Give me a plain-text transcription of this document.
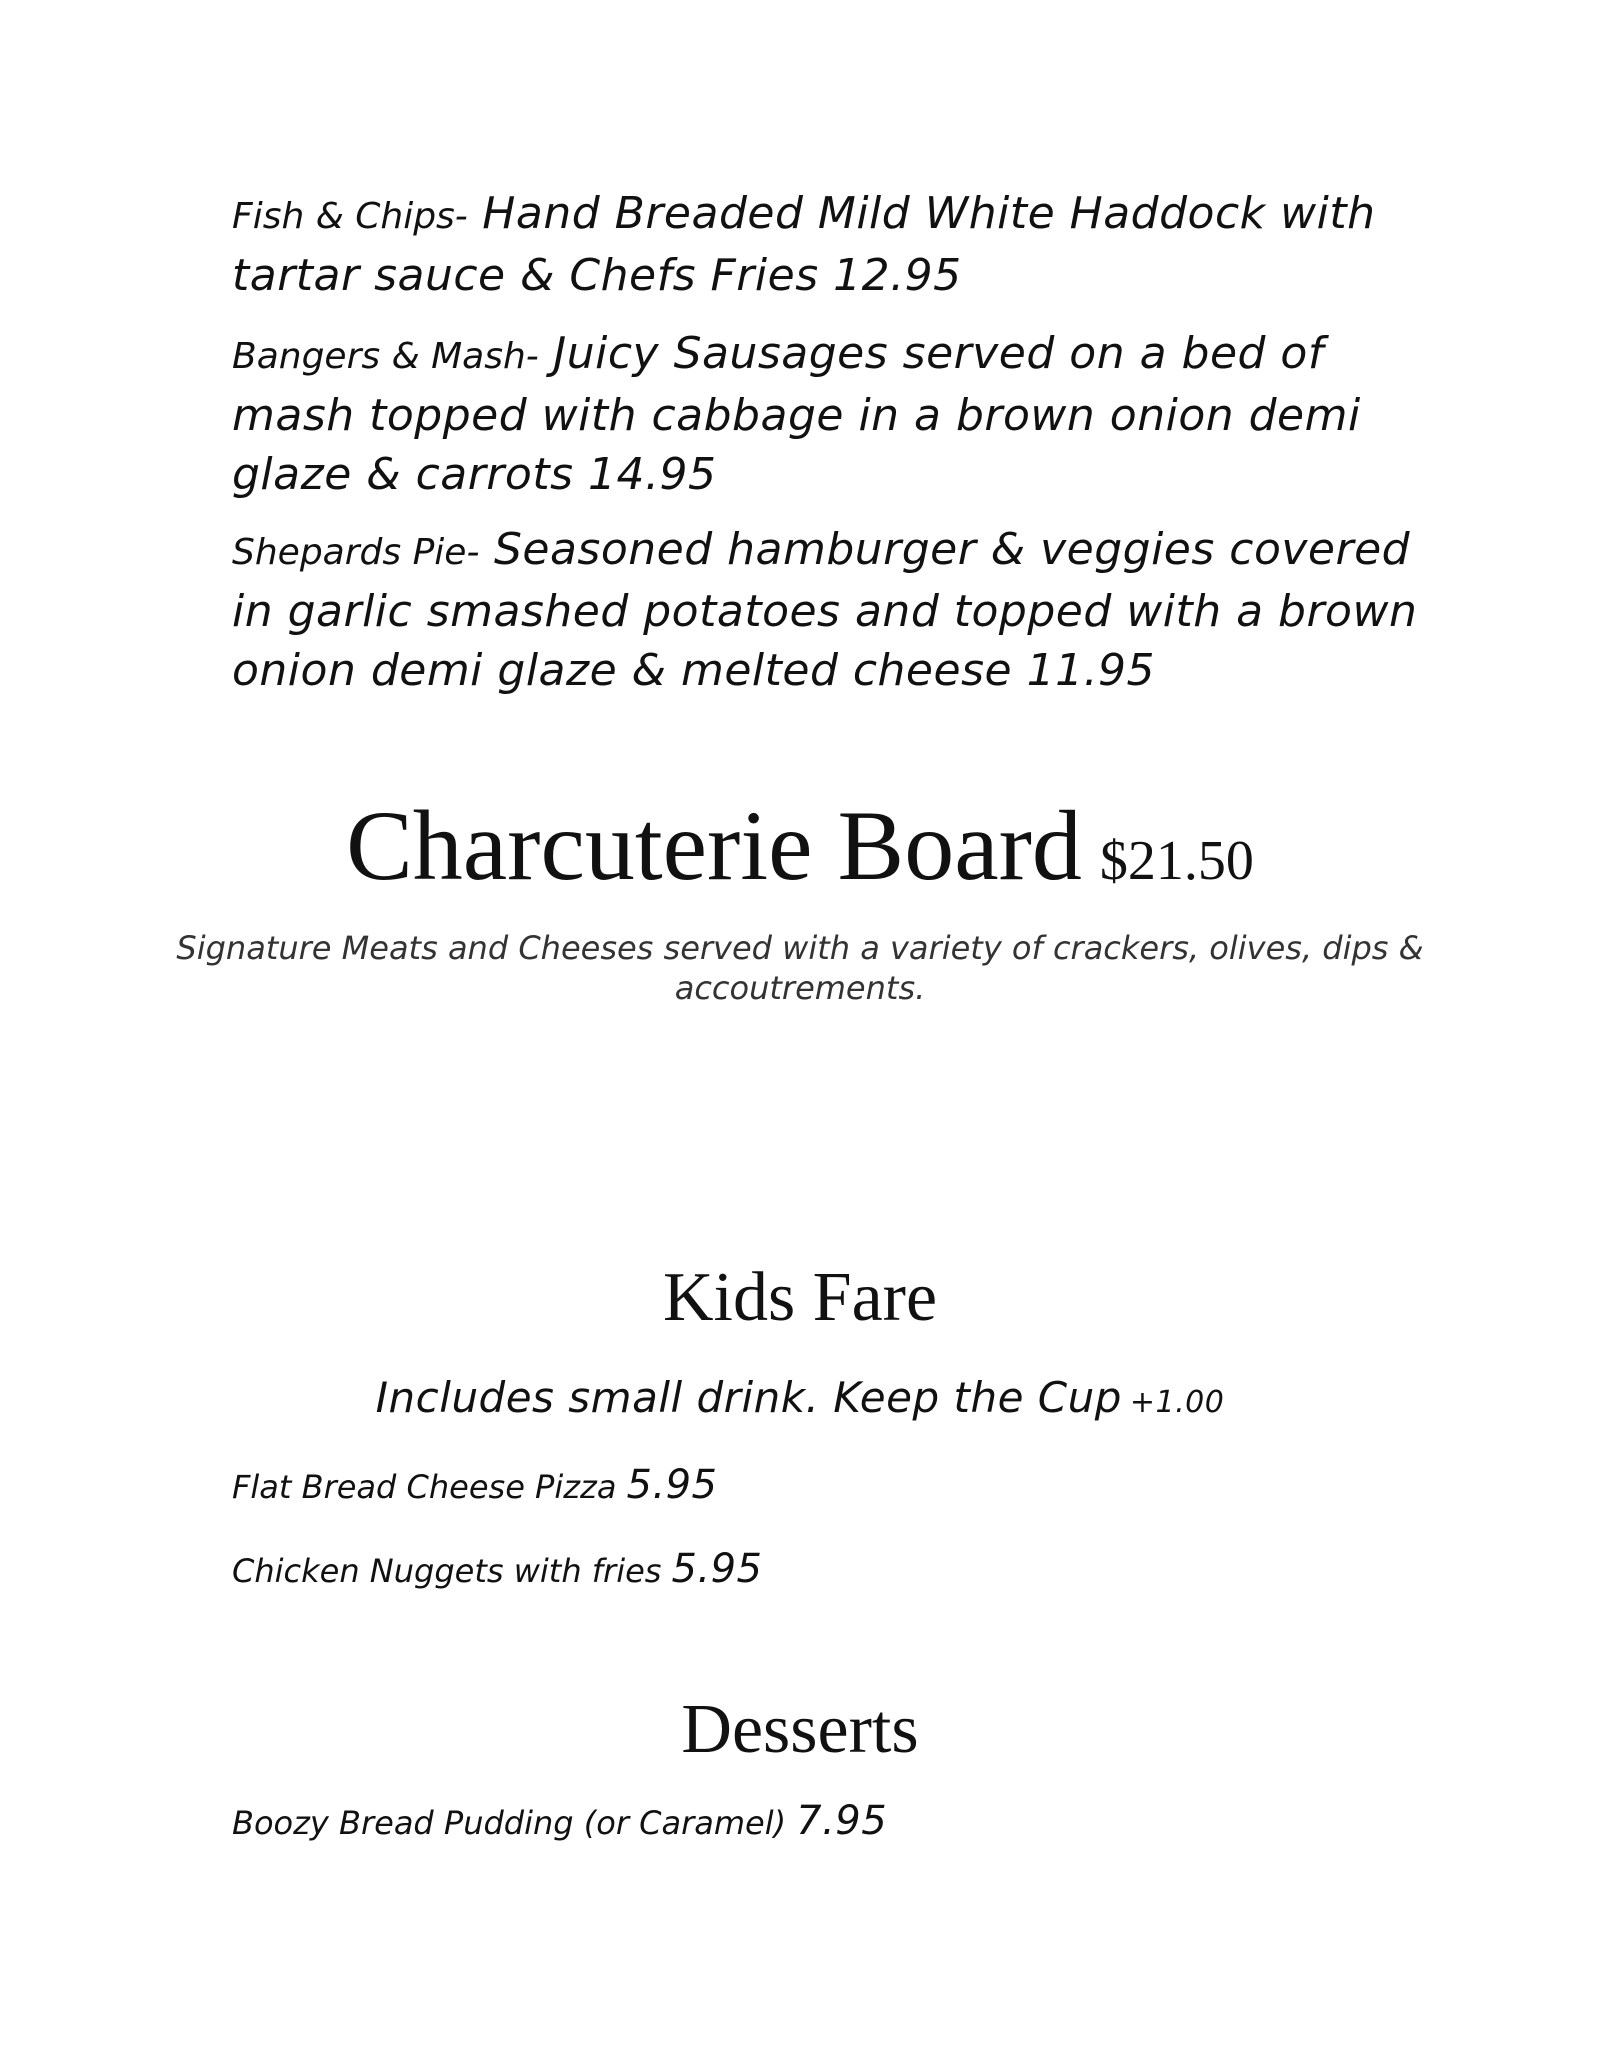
Fish & Chips- Hand Breaded Mild White Haddock with tartar sauce & Chefs Fries 12.95
Bangers & Mash- Juicy Sausages served on a bed of mash topped with cabbage in a brown onion demi glaze & carrots 14.95
Shepards Pie- Seasoned hamburger & veggies covered in garlic smashed potatoes and topped with a brown onion demi glaze & melted cheese 11.95
Charcuterie Board $21.50
Signature Meats and Cheeses served with a variety of crackers, olives, dips & accoutrements.
Kids Fare
Includes small drink. Keep the Cup +1.00
Flat Bread Cheese Pizza 5.95
Chicken Nuggets with fries 5.95
Desserts
Boozy Bread Pudding (or Caramel) 7.95
